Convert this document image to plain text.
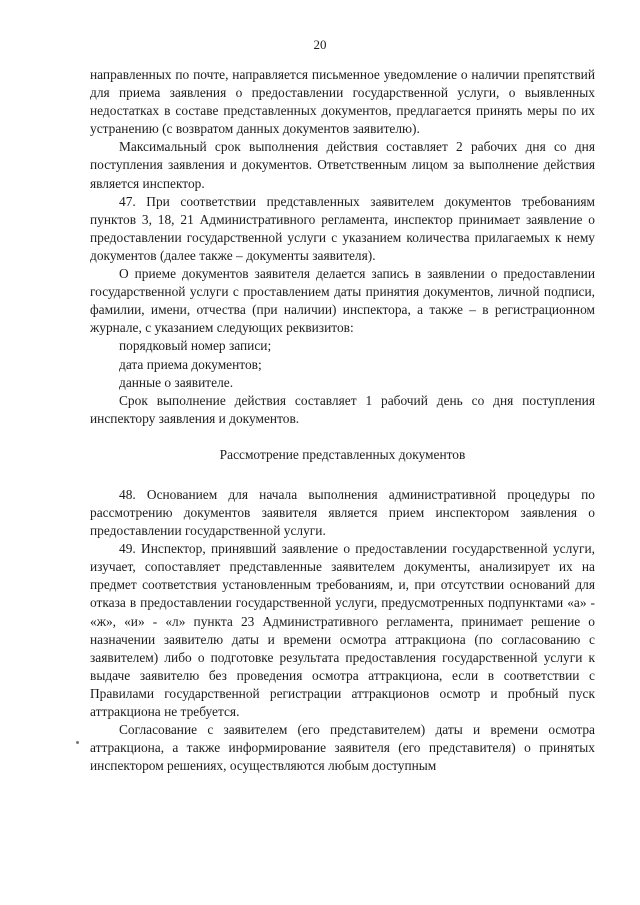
20

направленных по почте, направляется письменное уведомление о наличии препятствий для приема заявления о предоставлении государственной услуги, о выявленных недостатках в составе представленных документов, предлагается принять меры по их устранению (с возвратом данных документов заявителю).

Максимальный срок выполнения действия составляет 2 рабочих дня со дня поступления заявления и документов. Ответственным лицом за выполнение действия является инспектор.

47. При соответствии представленных заявителем документов требованиям пунктов 3, 18, 21 Административного регламента, инспектор принимает заявление о предоставлении государственной услуги с указанием количества прилагаемых к нему документов (далее также – документы заявителя).

О приеме документов заявителя делается запись в заявлении о предоставлении государственной услуги с проставлением даты принятия документов, личной подписи, фамилии, имени, отчества (при наличии) инспектора, а также – в регистрационном журнале, с указанием следующих реквизитов:

порядковый номер записи;

дата приема документов;

данные о заявителе.

Срок выполнение действия составляет 1 рабочий день со дня поступления инспектору заявления и документов.

Рассмотрение представленных документов

48. Основанием для начала выполнения административной процедуры по рассмотрению документов заявителя является прием инспектором заявления о предоставлении государственной услуги.

49. Инспектор, принявший заявление о предоставлении государственной услуги, изучает, сопоставляет представленные заявителем документы, анализирует их на предмет соответствия установленным требованиям, и, при отсутствии оснований для отказа в предоставлении государственной услуги, предусмотренных подпунктами «а» - «ж», «и» - «л» пункта 23 Административного регламента, принимает решение о назначении заявителю даты и времени осмотра аттракциона (по согласованию с заявителем) либо о подготовке результата предоставления государственной услуги к выдаче заявителю без проведения осмотра аттракциона, если в соответствии с Правилами государственной регистрации аттракционов осмотр и пробный пуск аттракциона не требуется.

Согласование с заявителем (его представителем) даты и времени осмотра аттракциона, а также информирование заявителя (его представителя) о принятых инспектором решениях, осуществляются любым доступным
